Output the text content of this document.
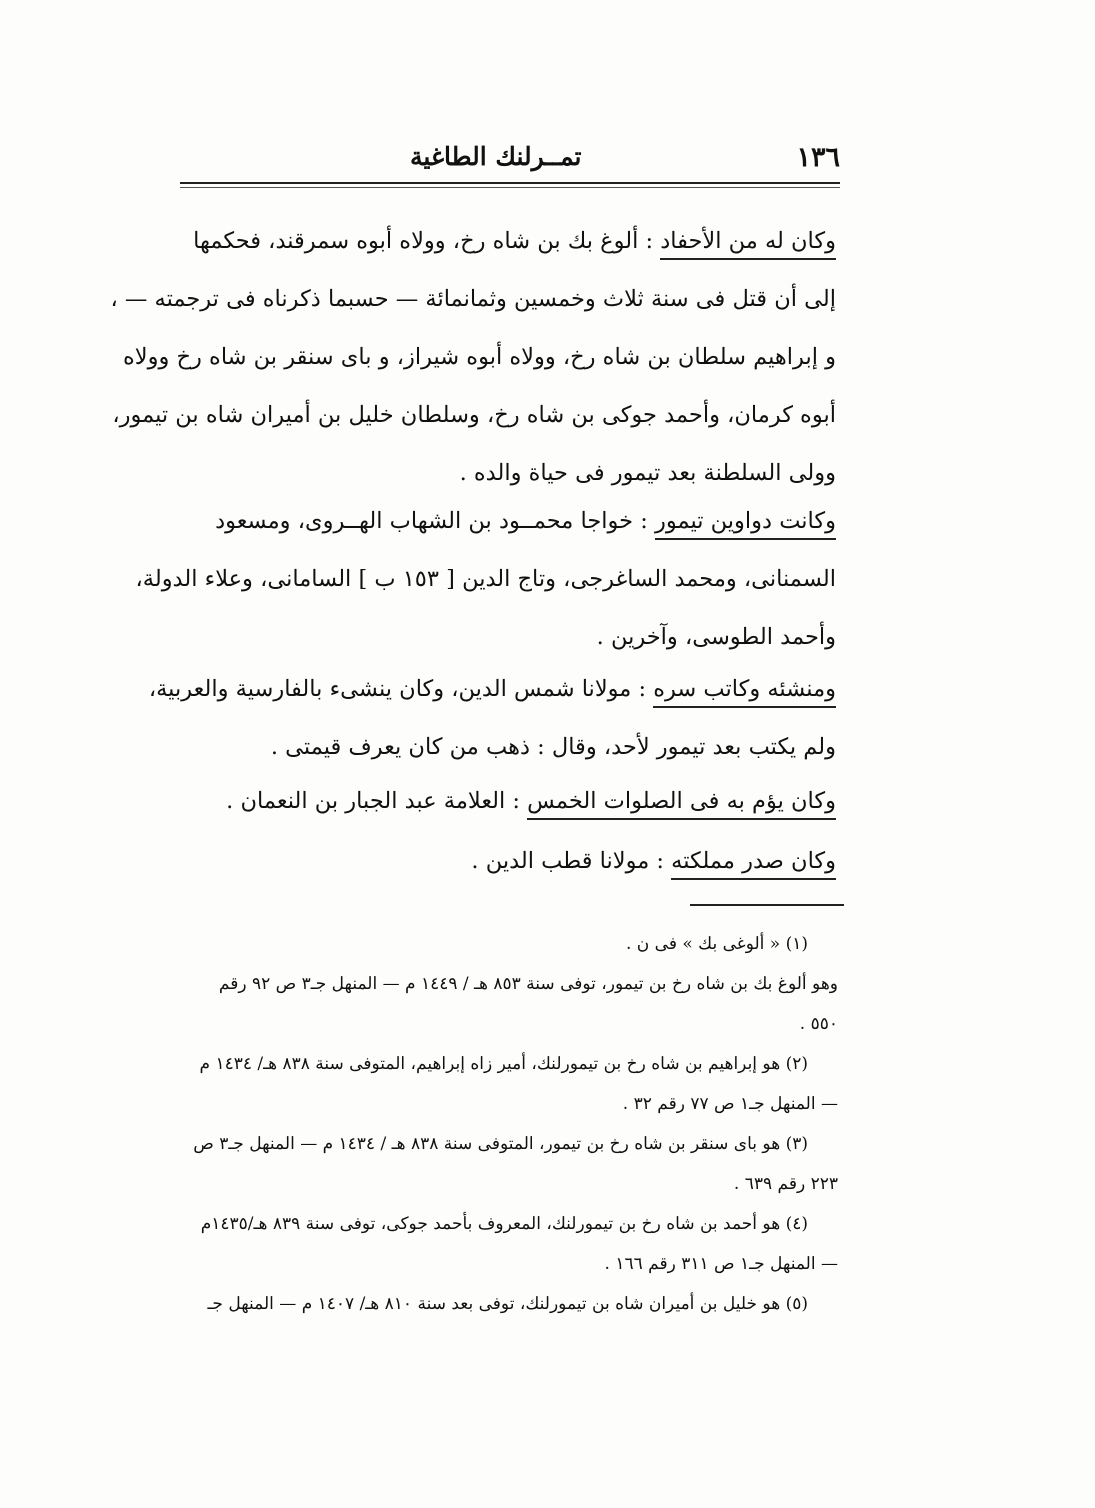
١٣٦
تمــرلنك الطاغية
وكان له من الأحفاد : ألوغ بك بن شاه رخ، وولاه أبوه سمرقند، فحكمها
إلى أن قتل فى سنة ثلاث وخمسين وثمانمائة — حسبما ذكرناه فى ترجمته — ،
و إبراهيم سلطان بن شاه رخ، وولاه أبوه شيراز، و باى سنقر بن شاه رخ وولاه
أبوه كرمان، وأحمد جوكى بن شاه رخ، وسلطان خليل بن أميران شاه بن تيمور،
وولى السلطنة بعد تيمور فى حياة والده .
وكانت دواوين تيمور : خواجا محمــود بن الشهاب الهــروى، ومسعود
السمنانى، ومحمد الساغرجى، وتاج الدين [ ١٥٣ ب ] السامانى، وعلاء الدولة،
وأحمد الطوسى، وآخرين .
ومنشئه وكاتب سره : مولانا شمس الدين، وكان ينشىء بالفارسية والعربية،
ولم يكتب بعد تيمور لأحد، وقال : ذهب من كان يعرف قيمتى .
وكان يؤم به فى الصلوات الخمس : العلامة عبد الجبار بن النعمان .
وكان صدر مملكته : مولانا قطب الدين .
(١) « ألوغى بك » فى ن .
وهو ألوغ بك بن شاه رخ بن تيمور، توفى سنة ٨٥٣ هـ / ١٤٤٩ م — المنهل جـ٣ ص ٩٢ رقم
٥٥٠ .
(٢) هو إبراهيم بن شاه رخ بن تيمورلنك، أمير زاه إبراهيم، المتوفى سنة ٨٣٨ هـ/ ١٤٣٤ م
— المنهل جـ١ ص ٧٧ رقم ٣٢ .
(٣) هو باى سنقر بن شاه رخ بن تيمور، المتوفى سنة ٨٣٨ هـ / ١٤٣٤ م — المنهل جـ٣ ص
٢٢٣ رقم ٦٣٩ .
(٤) هو أحمد بن شاه رخ بن تيمورلنك، المعروف بأحمد جوكى، توفى سنة ٨٣٩ هـ/١٤٣٥م
— المنهل جـ١ ص ٣١١ رقم ١٦٦ .
(٥) هو خليل بن أميران شاه بن تيمورلنك، توفى بعد سنة ٨١٠ هـ/ ١٤٠٧ م — المنهل جـ
